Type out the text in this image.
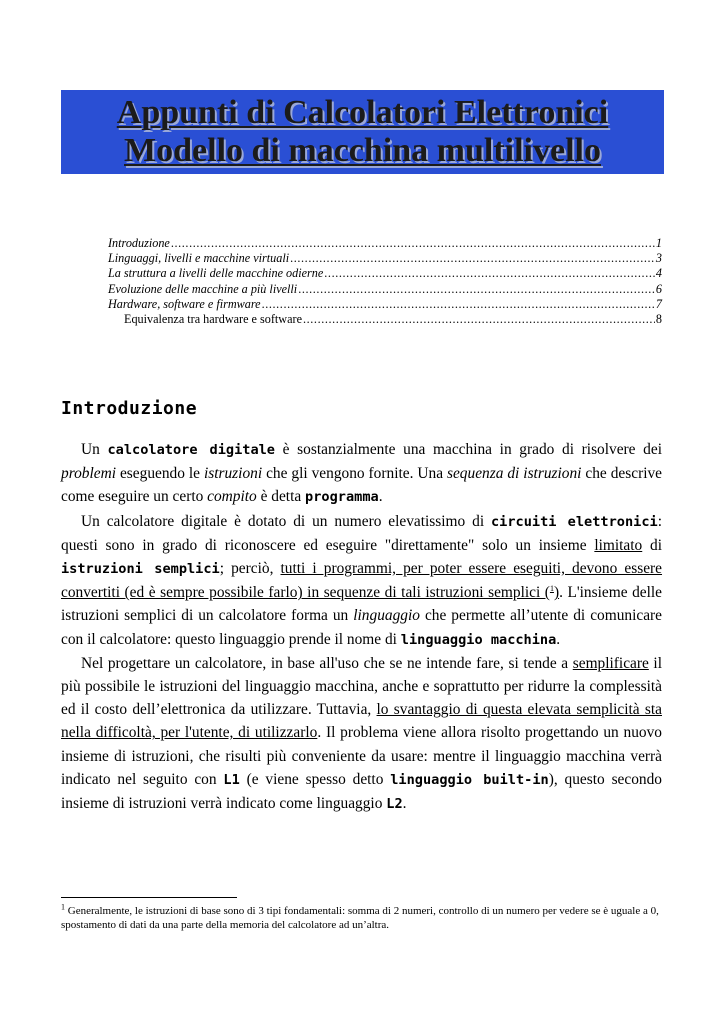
Appunti di Calcolatori Elettronici
Modello di macchina multilivello
Introduzione .....	1
Linguaggi, livelli e macchine virtuali .....	3
La struttura a livelli delle macchine odierne .....	4
Evoluzione delle macchine a più livelli .....	6
Hardware, software e firmware .....	7
Equivalenza tra hardware e software .....	8
Introduzione

Un calcolatore digitale è sostanzialmente una macchina in grado di risolvere dei problemi eseguendo le istruzioni che gli vengono fornite. Una sequenza di istruzioni che descrive come eseguire un certo compito è detta programma.

Un calcolatore digitale è dotato di un numero elevatissimo di circuiti elettronici: questi sono in grado di riconoscere ed eseguire "direttamente" solo un insieme limitato di istruzioni semplici; perciò, tutti i programmi, per poter essere eseguiti, devono essere convertiti (ed è sempre possibile farlo) in sequenze di tali istruzioni semplici ($^1$). L'insieme delle istruzioni semplici di un calcolatore forma un linguaggio che permette all’utente di comunicare con il calcolatore: questo linguaggio prende il nome di linguaggio macchina.

Nel progettare un calcolatore, in base all'uso che se ne intende fare, si tende a semplificare il più possibile le istruzioni del linguaggio macchina, anche e soprattutto per ridurre la complessità ed il costo dell’elettronica da utilizzare. Tuttavia, lo svantaggio di questa elevata semplicità sta nella difficoltà, per l'utente, di utilizzarlo. Il problema viene allora risolto progettando un nuovo insieme di istruzioni, che risulti più conveniente da usare: mentre il linguaggio macchina verrà indicato nel seguito con L1 (e viene spesso detto linguaggio built-in), questo secondo insieme di istruzioni verrà indicato come linguaggio L2.

$^1$ Generalmente, le istruzioni di base sono di 3 tipi fondamentali: somma di 2 numeri, controllo di un numero per vedere se è uguale a 0, spostamento di dati da una parte della memoria del calcolatore ad un’altra.
